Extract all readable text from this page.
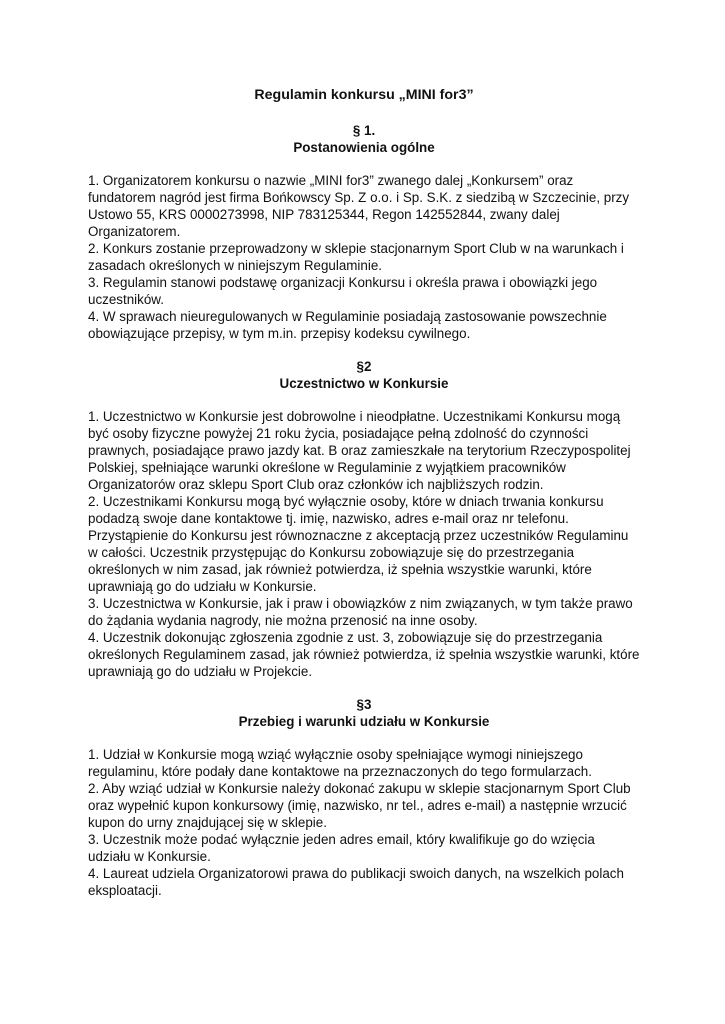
Regulamin konkursu „MINI for3”
§ 1.
Postanowienia ogólne

1. Organizatorem konkursu o nazwie „MINI for3” zwanego dalej „Konkursem” oraz fundatorem nagród jest firma Bońkowscy Sp. Z o.o. i Sp. S.K. z siedzibą w Szczecinie, przy Ustowo 55, KRS 0000273998, NIP 783125344, Regon 142552844, zwany dalej Organizatorem.

2. Konkurs zostanie przeprowadzony w sklepie stacjonarnym Sport Club w na warunkach i zasadach określonych w niniejszym Regulaminie.

3. Regulamin stanowi podstawę organizacji Konkursu i określa prawa i obowiązki jego uczestników.

4. W sprawach nieuregulowanych w Regulaminie posiadają zastosowanie powszechnie obowiązujące przepisy, w tym m.in. przepisy kodeksu cywilnego.

§2
Uczestnictwo w Konkursie

1. Uczestnictwo w Konkursie jest dobrowolne i nieodpłatne. Uczestnikami Konkursu mogą być osoby fizyczne powyżej 21 roku życia, posiadające pełną zdolność do czynności prawnych, posiadające prawo jazdy kat. B oraz zamieszkałe na terytorium Rzeczypospolitej Polskiej, spełniające warunki określone w Regulaminie z wyjątkiem pracowników Organizatorów oraz sklepu Sport Club oraz członków ich najbliższych rodzin.

2. Uczestnikami Konkursu mogą być wyłącznie osoby, które w dniach trwania konkursu podadzą swoje dane kontaktowe tj. imię, nazwisko, adres e-mail oraz nr telefonu. Przystąpienie do Konkursu jest równoznaczne z akceptacją przez uczestników Regulaminu w całości. Uczestnik przystępując do Konkursu zobowiązuje się do przestrzegania określonych w nim zasad, jak również potwierdza, iż spełnia wszystkie warunki, które uprawniają go do udziału w Konkursie.

3. Uczestnictwa w Konkursie, jak i praw i obowiązków z nim związanych, w tym także prawo do żądania wydania nagrody, nie można przenosić na inne osoby.

4. Uczestnik dokonując zgłoszenia zgodnie z ust. 3, zobowiązuje się do przestrzegania określonych Regulaminem zasad, jak również potwierdza, iż spełnia wszystkie warunki, które uprawniają go do udziału w Projekcie.

§3
Przebieg i warunki udziału w Konkursie

1. Udział w Konkursie mogą wziąć wyłącznie osoby spełniające wymogi niniejszego regulaminu, które podały dane kontaktowe na przeznaczonych do tego formularzach.

2. Aby wziąć udział w Konkursie należy dokonać zakupu w sklepie stacjonarnym Sport Club oraz wypełnić kupon konkursowy (imię, nazwisko, nr tel., adres e-mail) a następnie wrzucić kupon do urny znajdującej się w sklepie.

3. Uczestnik może podać wyłącznie jeden adres email, który kwalifikuje go do wzięcia udziału w Konkursie.

4. Laureat udziela Organizatorowi prawa do publikacji swoich danych, na wszelkich polach eksploatacji.
